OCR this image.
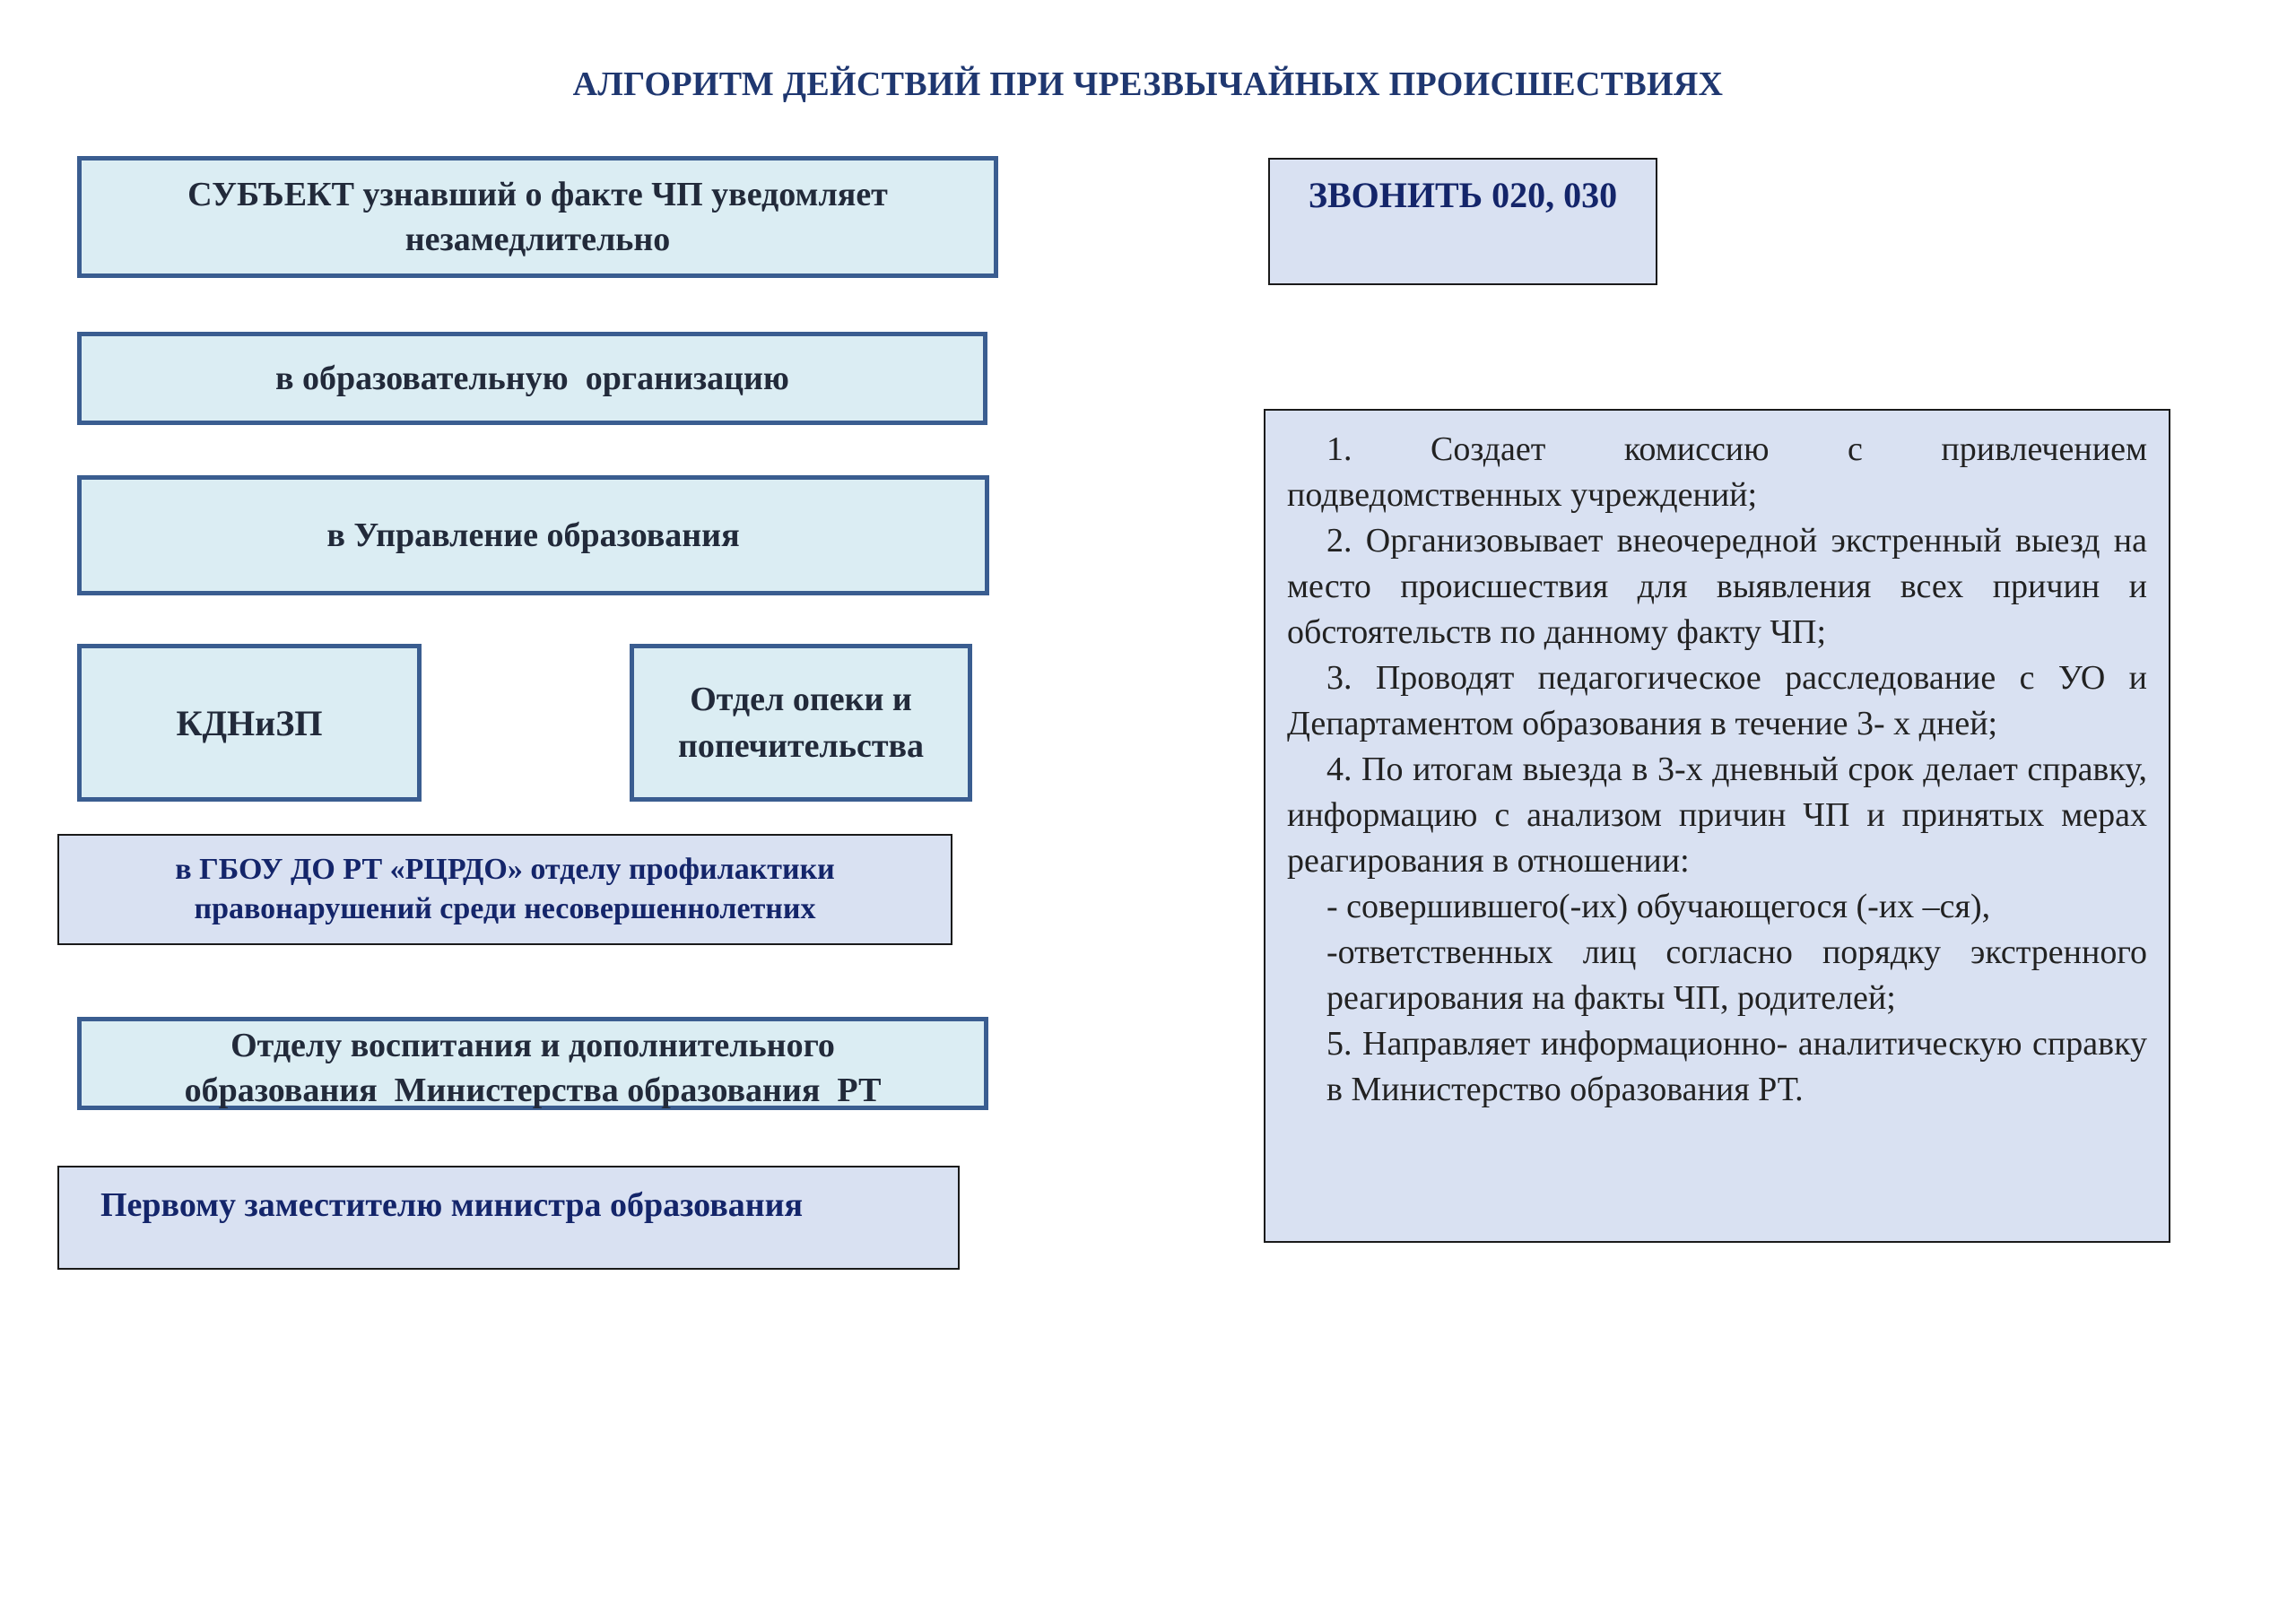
АЛГОРИТМ ДЕЙСТВИЙ ПРИ ЧРЕЗВЫЧАЙНЫХ ПРОИСШЕСТВИЯХ
СУБЪЕКТ узнавший о факте ЧП уведомляет
незамедлительно
в образовательную  организацию
в Управление образования
КДНиЗП
Отдел опеки и
попечительства
в ГБОУ ДО РТ «РЦРДО» отделу профилактики
правонарушений среди несовершеннолетних
Отделу воспитания и дополнительного
образования  Министерства образования  РТ
Первому заместителю министра образования
ЗВОНИТЬ 020, 030
1. Создает комиссию с привлечением подведомственных учреждений;
2. Организовывает внеочередной экстренный выезд на место происшествия для выявления всех причин и обстоятельств по данному факту ЧП;
3. Проводят педагогическое расследование с УО и Департаментом образования в течение 3- х дней;
4. По итогам выезда в 3-х дневный срок делает справку, информацию с анализом причин ЧП и принятых мерах реагирования в отношении:
- совершившего(-их) обучающегося (-их –ся),
-ответственных лиц согласно порядку экстренного реагирования на факты ЧП, родителей;
5. Направляет информационно- аналитическую справку в Министерство образования РТ.
